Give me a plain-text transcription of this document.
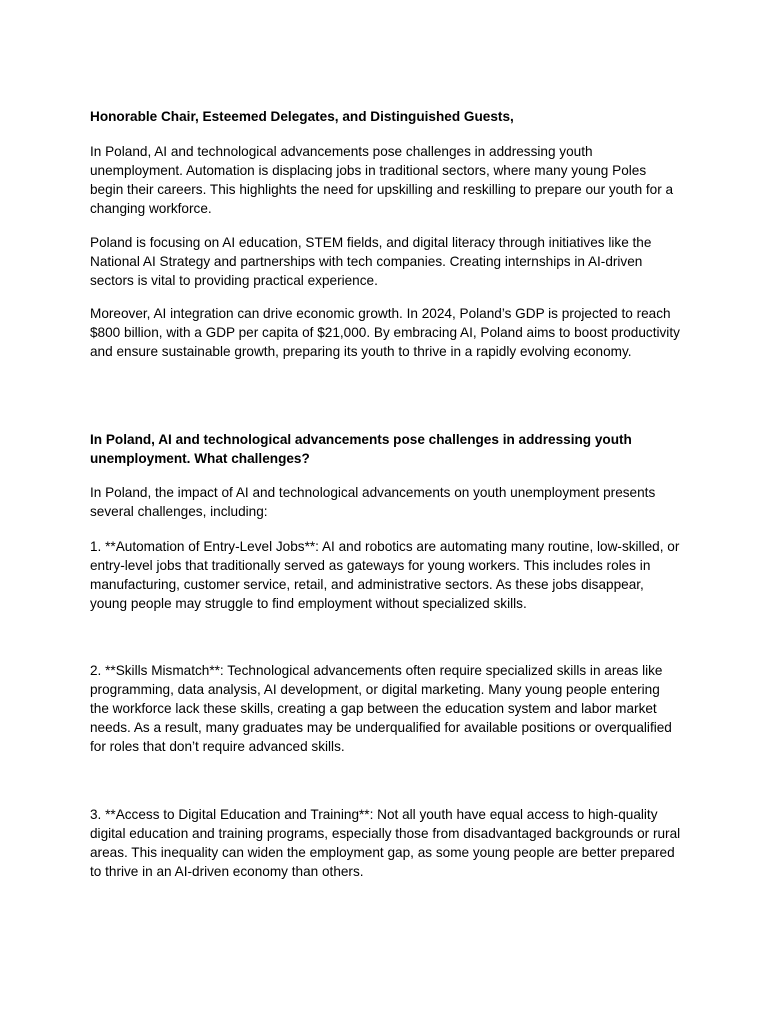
Honorable Chair, Esteemed Delegates, and Distinguished Guests,

In Poland, AI and technological advancements pose challenges in addressing youth unemployment. Automation is displacing jobs in traditional sectors, where many young Poles begin their careers. This highlights the need for upskilling and reskilling to prepare our youth for a changing workforce.

Poland is focusing on AI education, STEM fields, and digital literacy through initiatives like the National AI Strategy and partnerships with tech companies. Creating internships in AI-driven sectors is vital to providing practical experience.

Moreover, AI integration can drive economic growth. In 2024, Poland’s GDP is projected to reach $800 billion, with a GDP per capita of $21,000. By embracing AI, Poland aims to boost productivity and ensure sustainable growth, preparing its youth to thrive in a rapidly evolving economy.

In Poland, AI and technological advancements pose challenges in addressing youth unemployment. What challenges?

In Poland, the impact of AI and technological advancements on youth unemployment presents several challenges, including:

1. **Automation of Entry-Level Jobs**: AI and robotics are automating many routine, low-skilled, or entry-level jobs that traditionally served as gateways for young workers. This includes roles in manufacturing, customer service, retail, and administrative sectors. As these jobs disappear, young people may struggle to find employment without specialized skills.

2. **Skills Mismatch**: Technological advancements often require specialized skills in areas like programming, data analysis, AI development, or digital marketing. Many young people entering the workforce lack these skills, creating a gap between the education system and labor market needs. As a result, many graduates may be underqualified for available positions or overqualified for roles that don’t require advanced skills.

3. **Access to Digital Education and Training**: Not all youth have equal access to high-quality digital education and training programs, especially those from disadvantaged backgrounds or rural areas. This inequality can widen the employment gap, as some young people are better prepared to thrive in an AI-driven economy than others.
